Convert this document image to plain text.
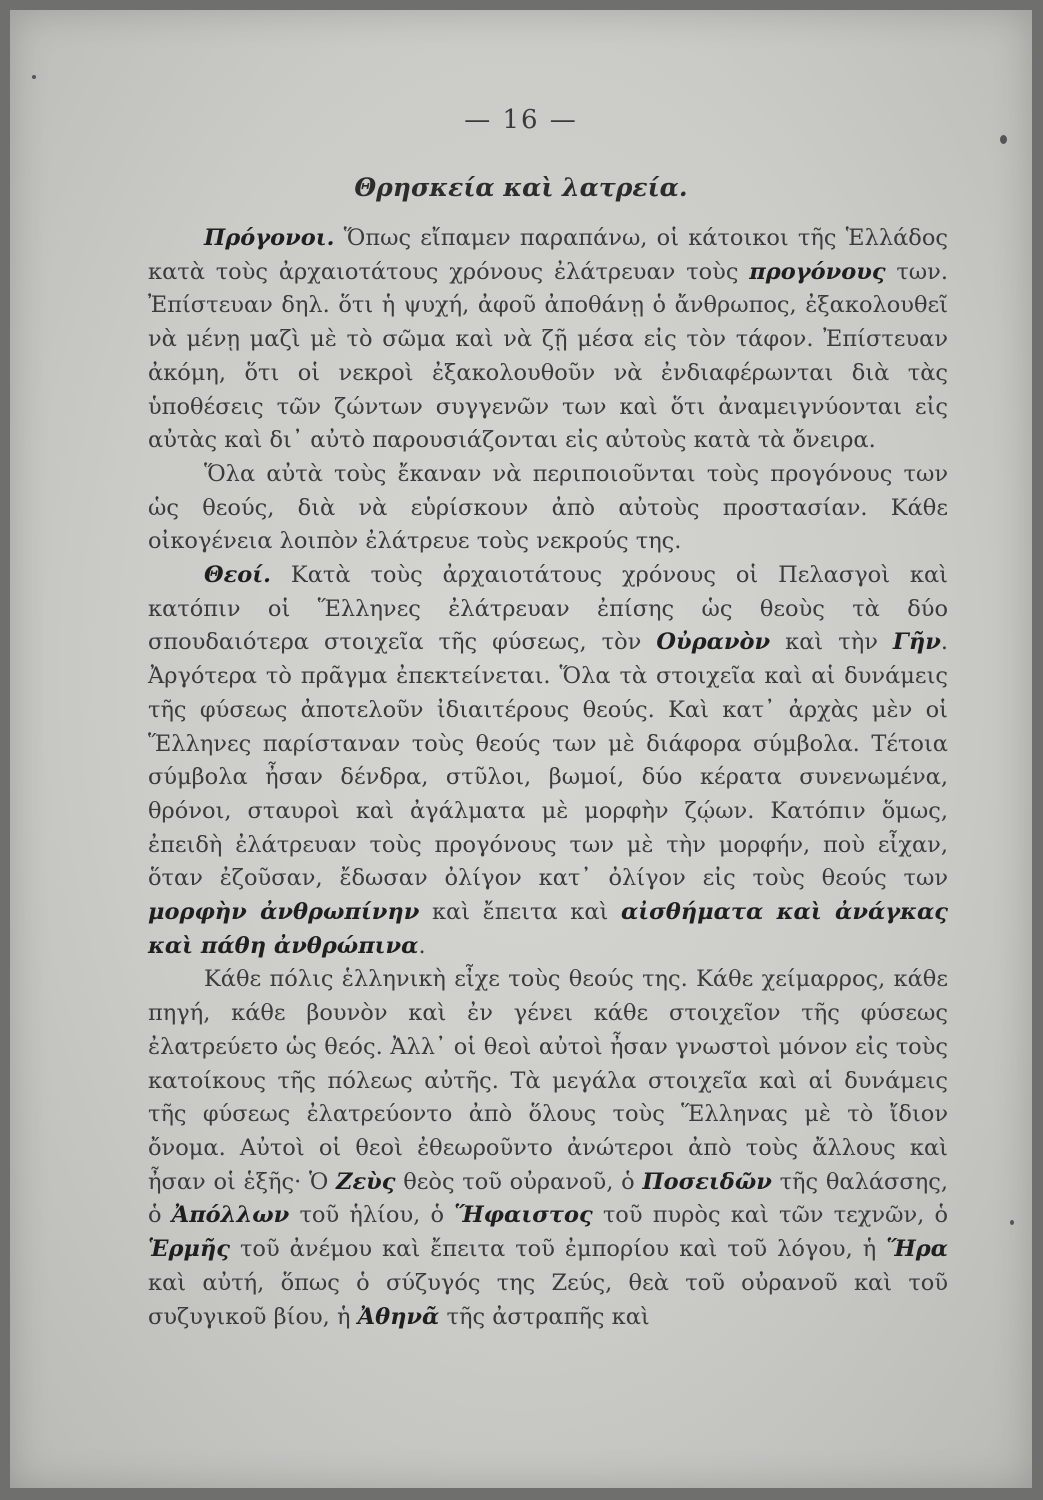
— 16 —
Θρησκεία καὶ λατρεία.

Πρόγονοι. Ὅπως εἴπαμεν παραπάνω, οἱ κάτοικοι τῆς Ἑλλάδος κατὰ τοὺς ἀρχαιοτάτους χρόνους ἐλάτρευαν τοὺς προγόνους των. Ἐπίστευαν δηλ. ὅτι ἡ ψυχή, ἀφοῦ ἀποθάνῃ ὁ ἄνθρωπος, ἐξακολουθεῖ νὰ μένῃ μαζὶ μὲ τὸ σῶμα καὶ νὰ ζῇ μέσα εἰς τὸν τάφον. Ἐπίστευαν ἀκόμη, ὅτι οἱ νεκροὶ ἐξακολουθοῦν νὰ ἐνδιαφέρωνται διὰ τὰς ὑποθέσεις τῶν ζώντων συγγενῶν των καὶ ὅτι ἀναμειγνύονται εἰς αὐτὰς καὶ δι᾽ αὐτὸ παρουσιάζονται εἰς αὐτοὺς κατὰ τὰ ὄνειρα.

Ὅλα αὐτὰ τοὺς ἔκαναν νὰ περιποιοῦνται τοὺς προγόνους των ὡς θεούς, διὰ νὰ εὑρίσκουν ἀπὸ αὐτοὺς προστασίαν. Κάθε οἰκογένεια λοιπὸν ἐλάτρευε τοὺς νεκρούς της.

Θεοί. Κατὰ τοὺς ἀρχαιοτάτους χρόνους οἱ Πελασγοὶ καὶ κατόπιν οἱ Ἕλληνες ἐλάτρευαν ἐπίσης ὡς θεοὺς τὰ δύο σπουδαιότερα στοιχεῖα τῆς φύσεως, τὸν Οὐρανὸν καὶ τὴν Γῆν. Ἀργότερα τὸ πρᾶγμα ἐπεκτείνεται. Ὅλα τὰ στοιχεῖα καὶ αἱ δυνάμεις τῆς φύσεως ἀποτελοῦν ἰδιαιτέρους θεούς. Καὶ κατ᾽ ἀρχὰς μὲν οἱ Ἕλληνες παρίσταναν τοὺς θεούς των μὲ διάφορα σύμβολα. Τέτοια σύμβολα ἦσαν δένδρα, στῦλοι, βωμοί, δύο κέρατα συνενωμένα, θρόνοι, σταυροὶ καὶ ἀγάλματα μὲ μορφὴν ζῴων. Κατόπιν ὅμως, ἐπειδὴ ἐλάτρευαν τοὺς προγόνους των μὲ τὴν μορφήν, ποὺ εἶχαν, ὅταν ἐζοῦσαν, ἔδωσαν ὀλίγον κατ᾽ ὀλίγον εἰς τοὺς θεούς των μορφὴν ἀνθρωπίνην καὶ ἔπειτα καὶ αἰσθήματα καὶ ἀνάγκας καὶ πάθη ἀνθρώπινα.

Κάθε πόλις ἑλληνικὴ εἶχε τοὺς θεούς της. Κάθε χείμαρρος, κάθε πηγή, κάθε βουνὸν καὶ ἐν γένει κάθε στοιχεῖον τῆς φύσεως ἐλατρεύετο ὡς θεός. Ἀλλ᾽ οἱ θεοὶ αὐτοὶ ἦσαν γνωστοὶ μόνον εἰς τοὺς κατοίκους τῆς πόλεως αὐτῆς. Τὰ μεγάλα στοιχεῖα καὶ αἱ δυνάμεις τῆς φύσεως ἐλατρεύοντο ἀπὸ ὅλους τοὺς Ἕλληνας μὲ τὸ ἴδιον ὄνομα. Αὐτοὶ οἱ θεοὶ ἐθεωροῦντο ἀνώτεροι ἀπὸ τοὺς ἄλλους καὶ ἦσαν οἱ ἑξῆς· Ὁ Ζεὺς θεὸς τοῦ οὐρανοῦ, ὁ Ποσειδῶν τῆς θαλάσσης, ὁ Ἀπόλλων τοῦ ἡλίου, ὁ Ἥφαιστος τοῦ πυρὸς καὶ τῶν τεχνῶν, ὁ Ἑρμῆς τοῦ ἀνέμου καὶ ἔπειτα τοῦ ἐμπορίου καὶ τοῦ λόγου, ἡ Ἥρα καὶ αὐτή, ὅπως ὁ σύζυγός της Ζεύς, θεὰ τοῦ οὐρανοῦ καὶ τοῦ συζυγικοῦ βίου, ἡ Ἀθηνᾶ τῆς ἀστραπῆς καὶ
